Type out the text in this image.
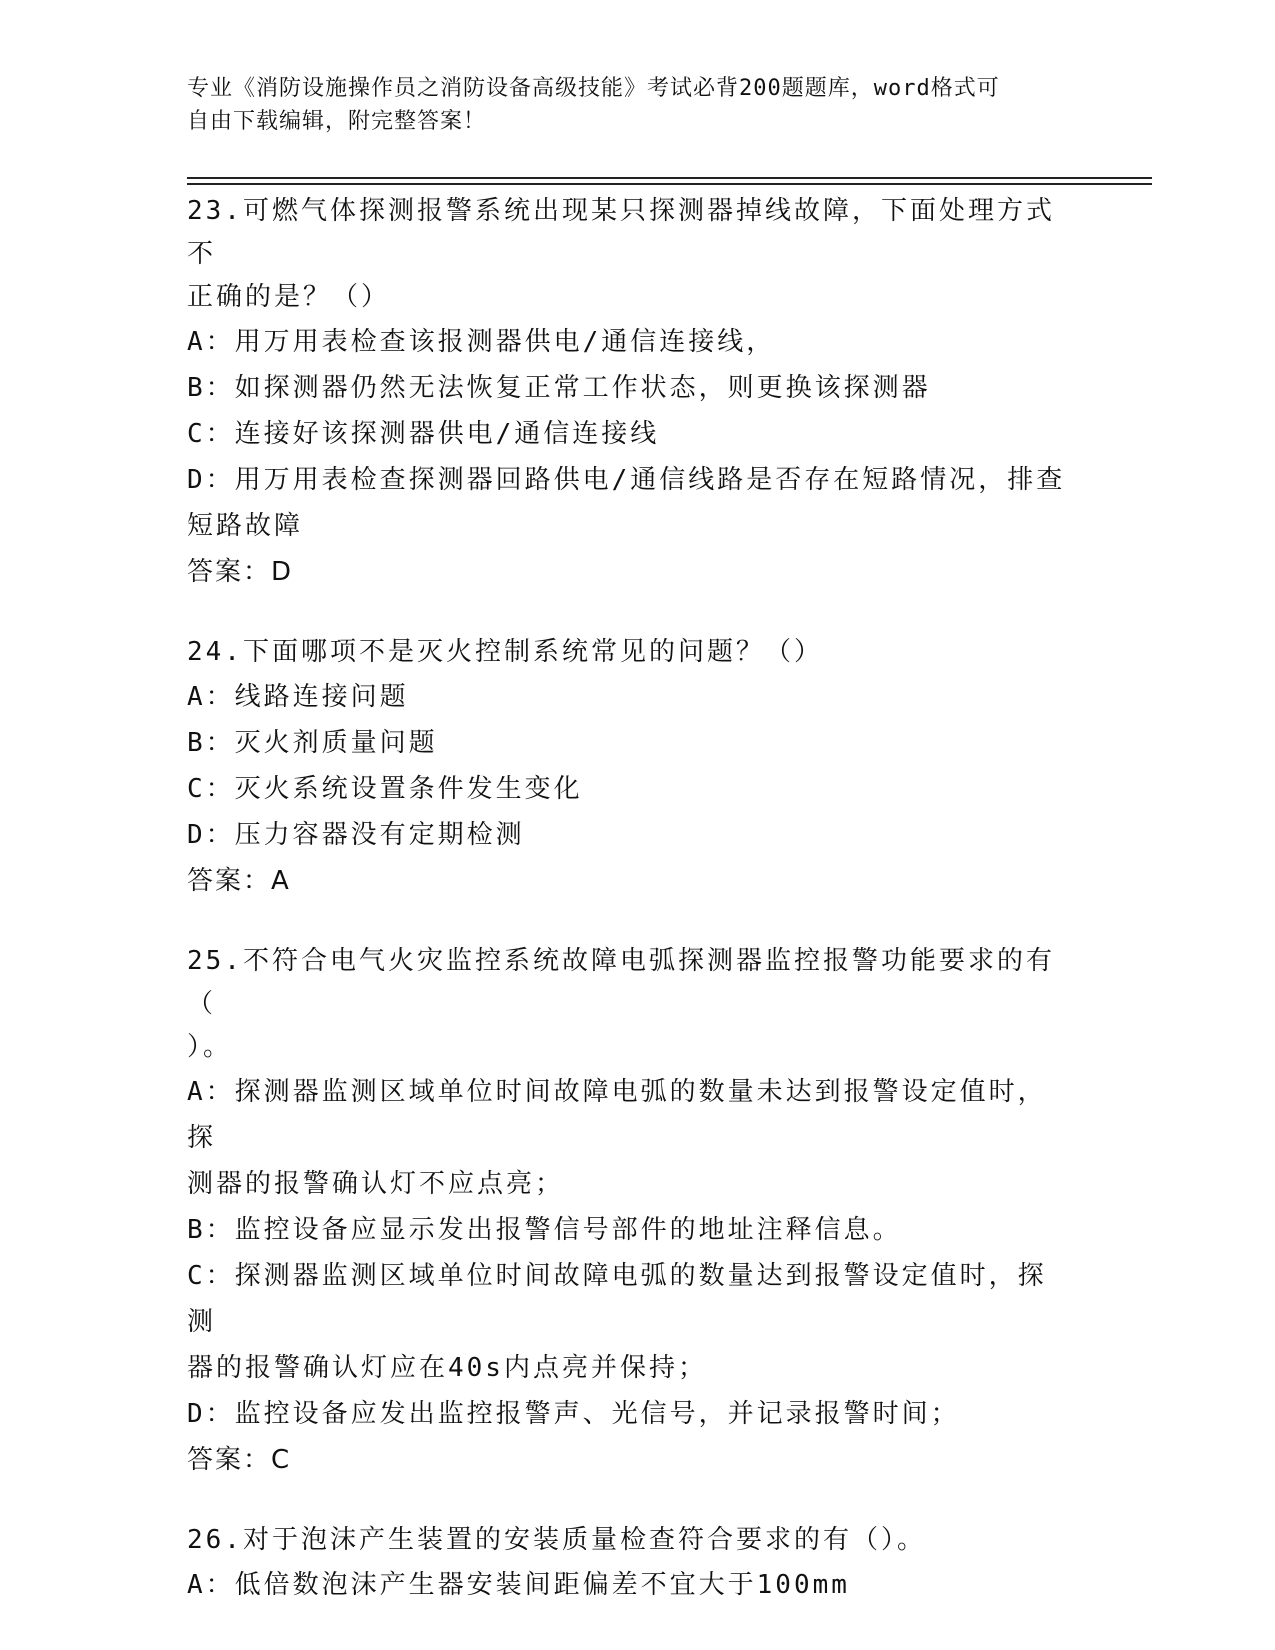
专业《消防设施操作员之消防设备高级技能》考试必背200题题库，word格式可
自由下载编辑，附完整答案！
23.可燃气体探测报警系统出现某只探测器掉线故障，下面处理方式不
正确的是？（）
A：用万用表检查该报测器供电/通信连接线，
B：如探测器仍然无法恢复正常工作状态，则更换该探测器
C：连接好该探测器供电/通信连接线
D：用万用表检查探测器回路供电/通信线路是否存在短路情况，排查
短路故障
答案：D
24.下面哪项不是灭火控制系统常见的问题？（）
A：线路连接问题
B：灭火剂质量问题
C：灭火系统设置条件发生变化
D：压力容器没有定期检测
答案：A
25.不符合电气火灾监控系统故障电弧探测器监控报警功能要求的有（
）。
A：探测器监测区域单位时间故障电弧的数量未达到报警设定值时，探
测器的报警确认灯不应点亮；
B：监控设备应显示发出报警信号部件的地址注释信息。
C：探测器监测区域单位时间故障电弧的数量达到报警设定值时，探测
器的报警确认灯应在40s内点亮并保持；
D：监控设备应发出监控报警声、光信号，并记录报警时间；
答案：C
26.对于泡沫产生装置的安装质量检查符合要求的有（）。
A：低倍数泡沫产生器安装间距偏差不宜大于100mm
